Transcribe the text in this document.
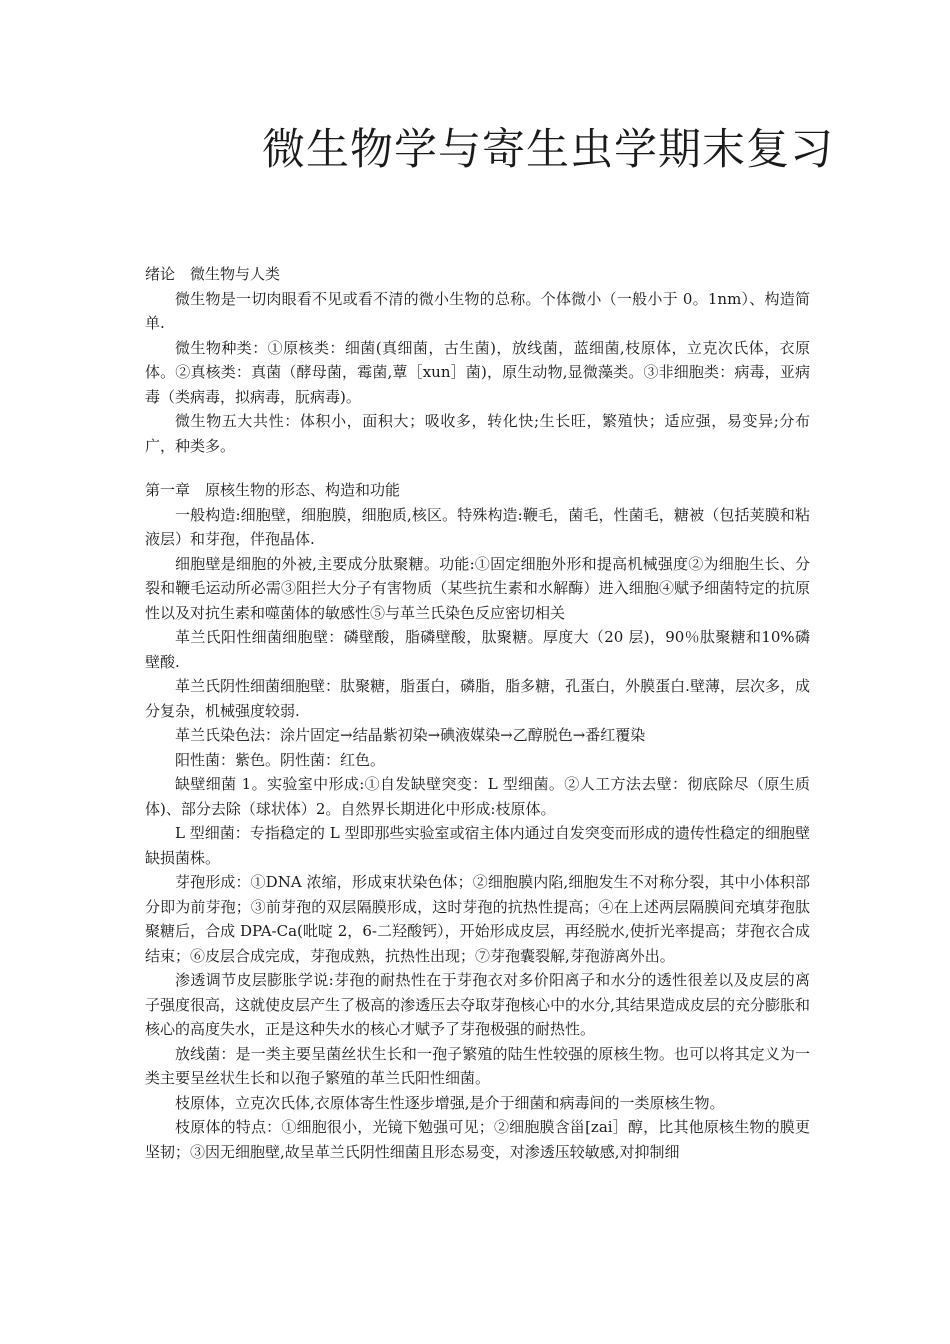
微生物学与寄生虫学期末复习

绪论　微生物与人类

微生物是一切肉眼看不见或看不清的微小生物的总称。个体微小（一般小于 0。1nm）、构造简单.

微生物种类：①原核类：细菌(真细菌，古生菌)，放线菌，蓝细菌,枝原体，立克次氏体，衣原体。②真核类：真菌（酵母菌，霉菌,蕈［xun］菌)，原生动物,显微藻类。③非细胞类：病毒，亚病毒（类病毒，拟病毒，朊病毒)。

微生物五大共性：体积小，面积大；吸收多，转化快;生长旺，繁殖快；适应强，易变异;分布广，种类多。

第一章　原核生物的形态、构造和功能

一般构造:细胞壁，细胞膜，细胞质,核区。特殊构造:鞭毛，菌毛，性菌毛，糖被（包括荚膜和粘液层）和芽孢，伴孢晶体.

细胞壁是细胞的外被,主要成分肽聚糖。功能:①固定细胞外形和提高机械强度②为细胞生长、分裂和鞭毛运动所必需③阻拦大分子有害物质（某些抗生素和水解酶）进入细胞④赋予细菌特定的抗原性以及对抗生素和噬菌体的敏感性⑤与革兰氏染色反应密切相关

革兰氏阳性细菌细胞壁：磷壁酸，脂磷壁酸，肽聚糖。厚度大（20 层)，90％肽聚糖和10%磷壁酸.

革兰氏阴性细菌细胞壁：肽聚糖，脂蛋白，磷脂，脂多糖，孔蛋白，外膜蛋白.壁薄，层次多，成分复杂，机械强度较弱.

革兰氏染色法：涂片固定→结晶紫初染→碘液媒染→乙醇脱色→番红覆染

阳性菌：紫色。阴性菌：红色。

缺壁细菌 1。实验室中形成:①自发缺壁突变：L 型细菌。②人工方法去壁：彻底除尽（原生质体)、部分去除（球状体）2。自然界长期进化中形成:枝原体。

L 型细菌：专指稳定的 L 型即那些实验室或宿主体内通过自发突变而形成的遗传性稳定的细胞壁缺损菌株。

芽孢形成：①DNA 浓缩，形成束状染色体；②细胞膜内陷,细胞发生不对称分裂，其中小体积部分即为前芽孢；③前芽孢的双层隔膜形成，这时芽孢的抗热性提高；④在上述两层隔膜间充填芽孢肽聚糖后，合成 DPA-Ca(吡啶 2，6-二羟酸钙），开始形成皮层，再经脱水,使折光率提高；芽孢衣合成结束；⑥皮层合成完成，芽孢成熟，抗热性出现；⑦芽孢囊裂解,芽孢游离外出。

渗透调节皮层膨胀学说:芽孢的耐热性在于芽孢衣对多价阳离子和水分的透性很差以及皮层的离子强度很高，这就使皮层产生了极高的渗透压去夺取芽孢核心中的水分,其结果造成皮层的充分膨胀和核心的高度失水，正是这种失水的核心才赋予了芽孢极强的耐热性。

放线菌：是一类主要呈菌丝状生长和一孢子繁殖的陆生性较强的原核生物。也可以将其定义为一类主要呈丝状生长和以孢子繁殖的革兰氏阳性细菌。

枝原体，立克次氏体,衣原体寄生性逐步增强,是介于细菌和病毒间的一类原核生物。

枝原体的特点：①细胞很小，光镜下勉强可见；②细胞膜含甾[zai］醇，比其他原核生物的膜更坚韧；③因无细胞壁,故呈革兰氏阴性细菌且形态易变，对渗透压较敏感,对抑制细
